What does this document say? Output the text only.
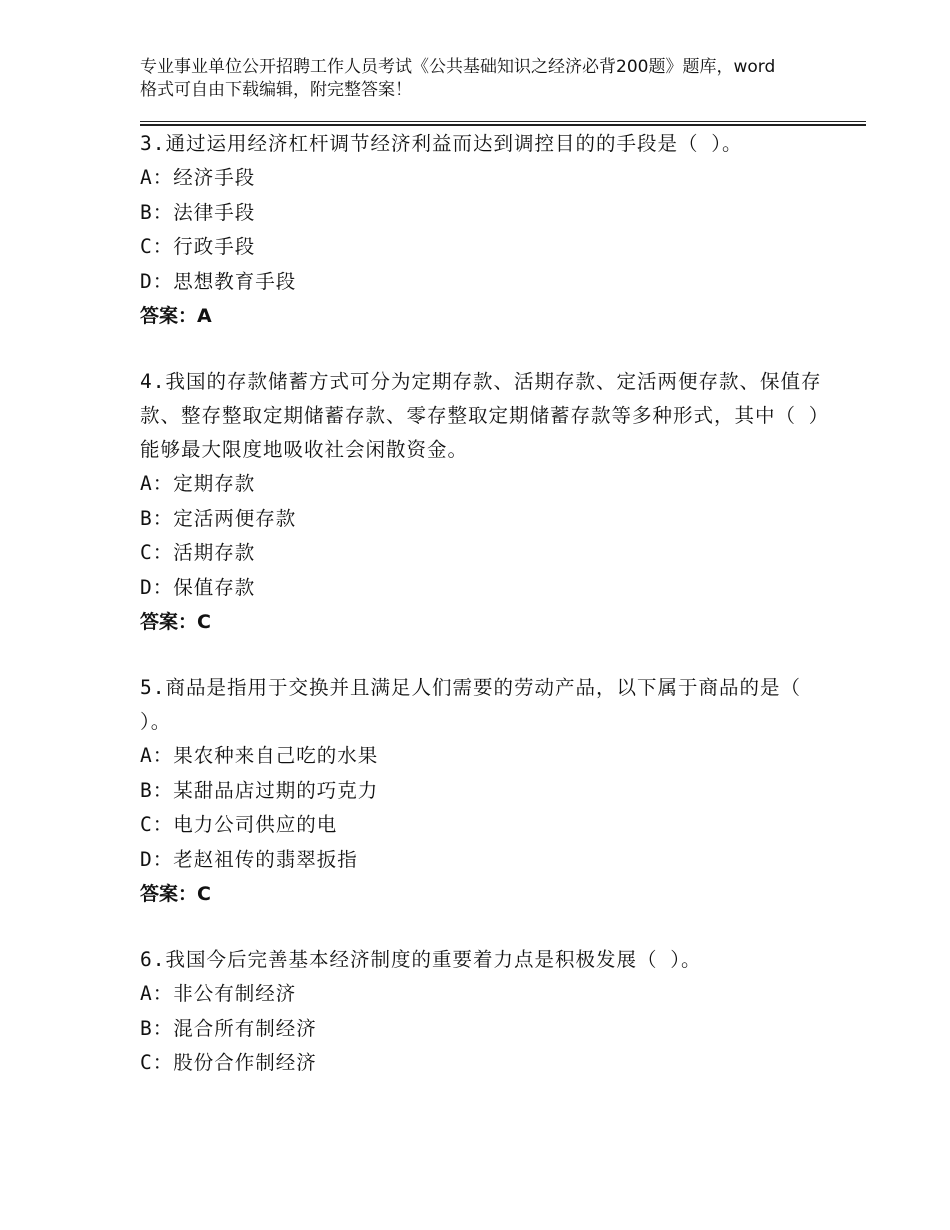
专业事业单位公开招聘工作人员考试《公共基础知识之经济必背200题》题库，word格式可自由下载编辑，附完整答案！
3.通过运用经济杠杆调节经济利益而达到调控目的的手段是（ ）。
A：经济手段
B：法律手段
C：行政手段
D：思想教育手段
答案：A
4.我国的存款储蓄方式可分为定期存款、活期存款、定活两便存款、保值存款、整存整取定期储蓄存款、零存整取定期储蓄存款等多种形式，其中（ ）能够最大限度地吸收社会闲散资金。
A：定期存款
B：定活两便存款
C：活期存款
D：保值存款
答案：C
5.商品是指用于交换并且满足人们需要的劳动产品，以下属于商品的是（ ）。
A：果农种来自己吃的水果
B：某甜品店过期的巧克力
C：电力公司供应的电
D：老赵祖传的翡翠扳指
答案：C
6.我国今后完善基本经济制度的重要着力点是积极发展（ ）。
A：非公有制经济
B：混合所有制经济
C：股份合作制经济
